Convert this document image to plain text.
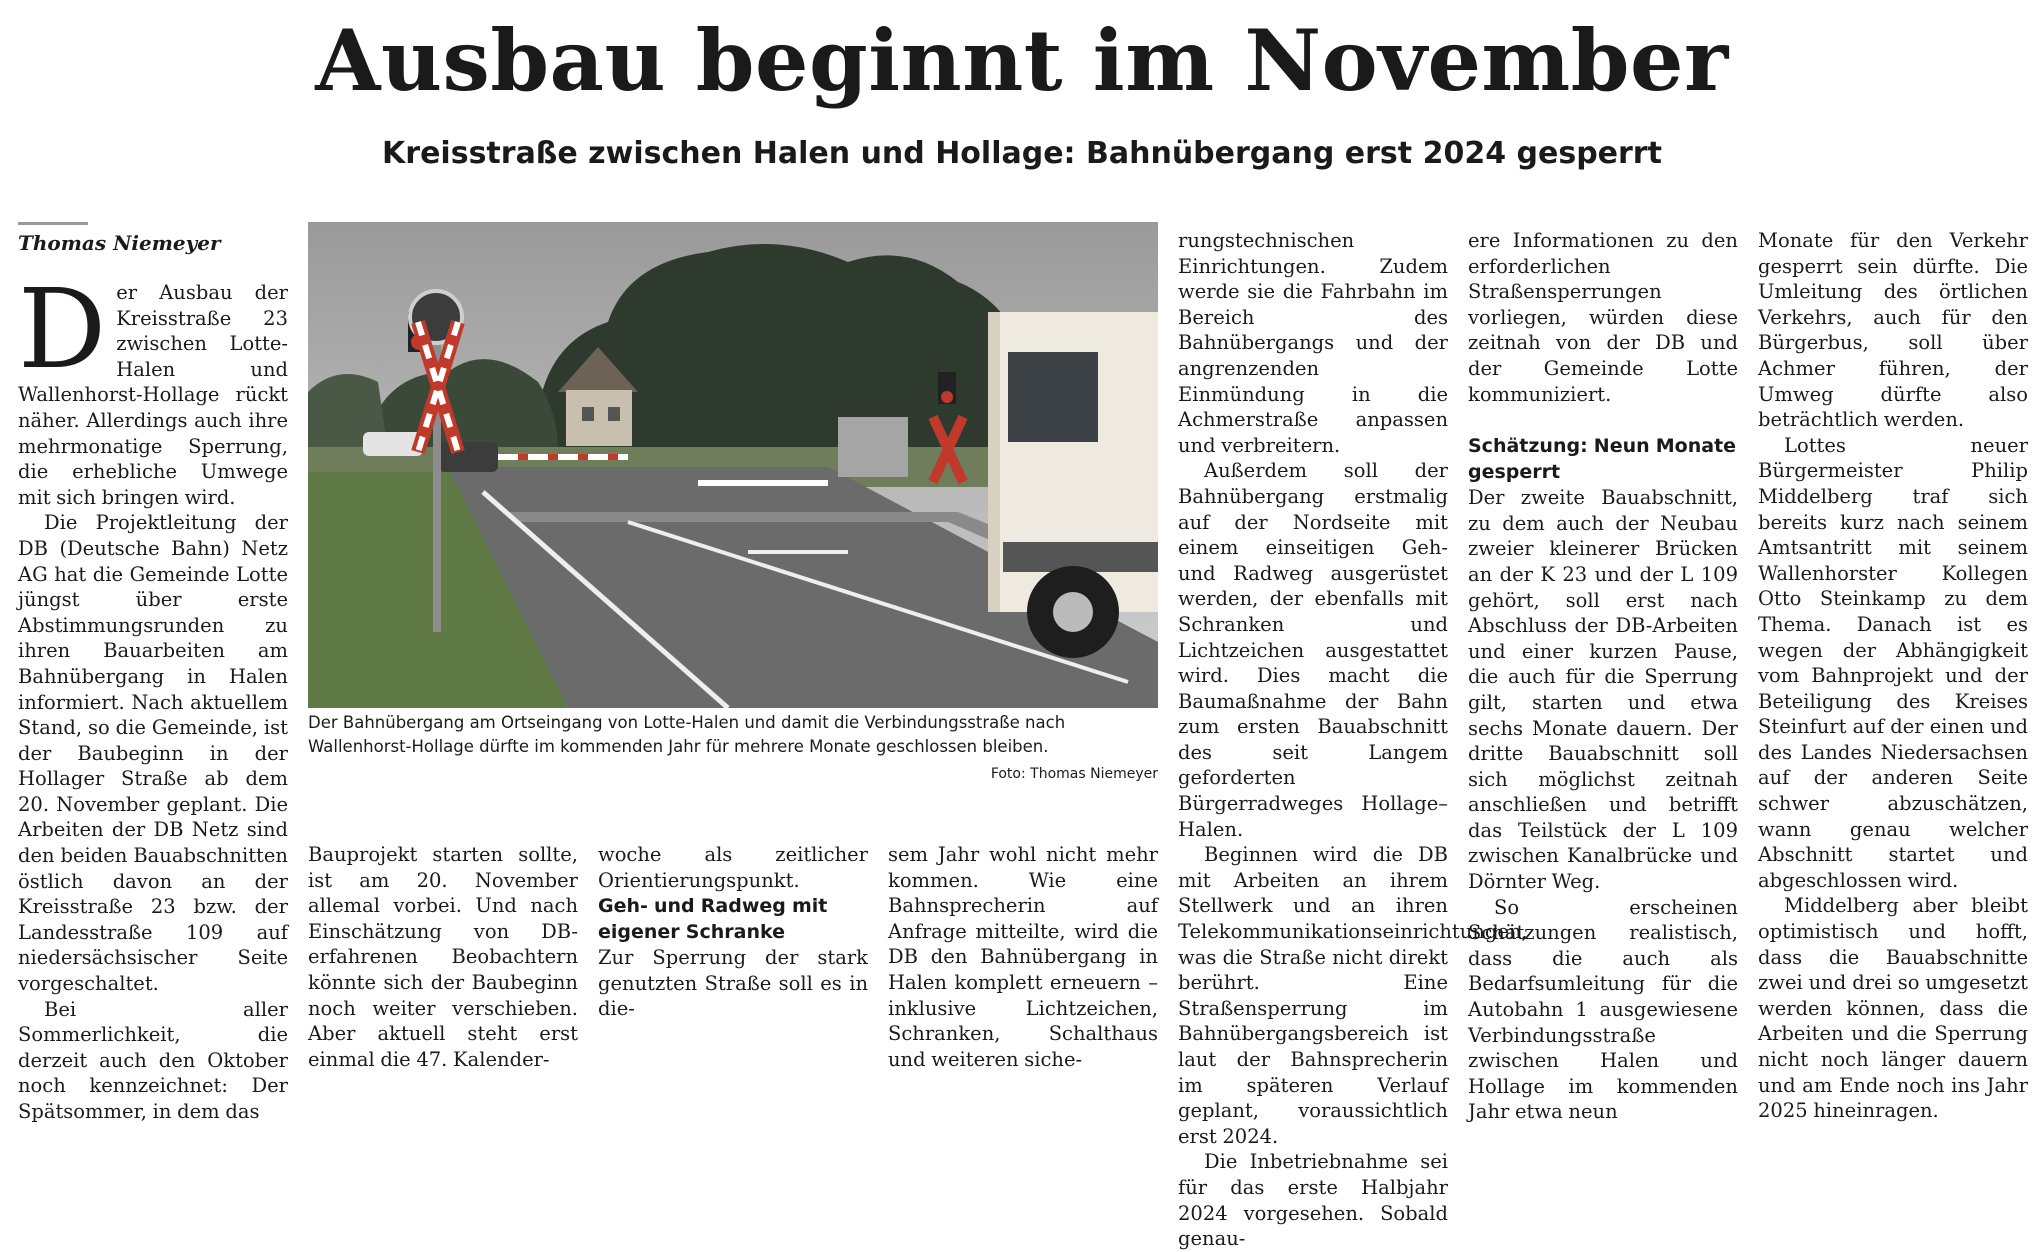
Ausbau beginnt im November
Kreisstraße zwischen Halen und Hollage: Bahnübergang erst 2024 gesperrt
Thomas Niemeyer

Der Ausbau der Kreisstraße 23 zwischen Lotte-Halen und Wallenhorst-Hollage rückt näher. Allerdings auch ihre mehrmonatige Sperrung, die erhebliche Umwege mit sich bringen wird.

Die Projektleitung der DB (Deutsche Bahn) Netz AG hat die Gemeinde Lotte jüngst über erste Abstimmungsrunden zu ihren Bauarbeiten am Bahnübergang in Halen informiert. Nach aktuellem Stand, so die Gemeinde, ist der Baubeginn in der Hollager Straße ab dem 20. November geplant. Die Arbeiten der DB Netz sind den beiden Bauabschnitten östlich davon an der Kreisstraße 23 bzw. der Landesstraße 109 auf niedersächsischer Seite vorgeschaltet.

Bei aller Sommerlichkeit, die derzeit auch den Oktober noch kennzeichnet: Der Spätsommer, in dem das

Der Bahnübergang am Ortseingang von Lotte-Halen und damit die Verbindungsstraße nach Wallenhorst-Hollage dürfte im kommenden Jahr für mehrere Monate geschlossen bleiben.
Foto: Thomas Niemeyer

Bauprojekt starten sollte, ist am 20. November allemal vorbei. Und nach Einschätzung von DB-erfahrenen Beobachtern könnte sich der Baubeginn noch weiter verschieben. Aber aktuell steht erst einmal die 47. Kalender-

woche als zeitlicher Orientierungspunkt.

Geh- und Radweg mit eigener Schranke

Zur Sperrung der stark genutzten Straße soll es in die-

sem Jahr wohl nicht mehr kommen. Wie eine Bahnsprecherin auf Anfrage mitteilte, wird die DB den Bahnübergang in Halen komplett erneuern – inklusive Lichtzeichen, Schranken, Schalthaus und weiteren siche-

rungstechnischen Einrichtungen. Zudem werde sie die Fahrbahn im Bereich des Bahnübergangs und der angrenzenden Einmündung in die Achmerstraße anpassen und verbreitern.

Außerdem soll der Bahnübergang erstmalig auf der Nordseite mit einem einseitigen Geh- und Radweg ausgerüstet werden, der ebenfalls mit Schranken und Lichtzeichen ausgestattet wird. Dies macht die Baumaßnahme der Bahn zum ersten Bauabschnitt des seit Langem geforderten Bürgerradweges Hollage–Halen.

Beginnen wird die DB mit Arbeiten an ihrem Stellwerk und an ihren Telekommunikationseinrichtungen, was die Straße nicht direkt berührt. Eine Straßensperrung im Bahnübergangsbereich ist laut der Bahnsprecherin im späteren Verlauf geplant, voraussichtlich erst 2024.

Die Inbetriebnahme sei für das erste Halbjahr 2024 vorgesehen. Sobald genau-

ere Informationen zu den erforderlichen Straßensperrungen vorliegen, würden diese zeitnah von der DB und der Gemeinde Lotte kommuniziert.

Schätzung: Neun Monate gesperrt

Der zweite Bauabschnitt, zu dem auch der Neubau zweier kleinerer Brücken an der K 23 und der L 109 gehört, soll erst nach Abschluss der DB-Arbeiten und einer kurzen Pause, die auch für die Sperrung gilt, starten und etwa sechs Monate dauern. Der dritte Bauabschnitt soll sich möglichst zeitnah anschließen und betrifft das Teilstück der L 109 zwischen Kanalbrücke und Dörnter Weg.

So erscheinen Schätzungen realistisch, dass die auch als Bedarfsumleitung für die Autobahn 1 ausgewiesene Verbindungsstraße zwischen Halen und Hollage im kommenden Jahr etwa neun

Monate für den Verkehr gesperrt sein dürfte. Die Umleitung des örtlichen Verkehrs, auch für den Bürgerbus, soll über Achmer führen, der Umweg dürfte also beträchtlich werden.

Lottes neuer Bürgermeister Philip Middelberg traf sich bereits kurz nach seinem Amtsantritt mit seinem Wallenhorster Kollegen Otto Steinkamp zu dem Thema. Danach ist es wegen der Abhängigkeit vom Bahnprojekt und der Beteiligung des Kreises Steinfurt auf der einen und des Landes Niedersachsen auf der anderen Seite schwer abzuschätzen, wann genau welcher Abschnitt startet und abgeschlossen wird.

Middelberg aber bleibt optimistisch und hofft, dass die Bauabschnitte zwei und drei so umgesetzt werden können, dass die Arbeiten und die Sperrung nicht noch länger dauern und am Ende noch ins Jahr 2025 hineinragen.
